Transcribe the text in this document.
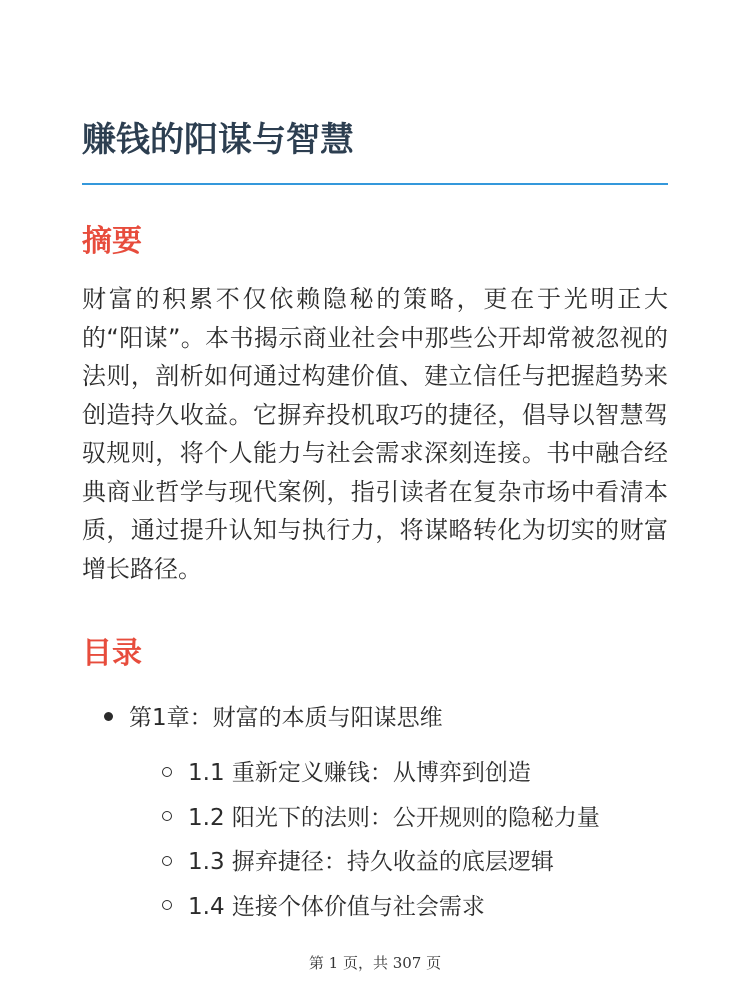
赚钱的阳谋与智慧
摘要

财富的积累不仅依赖隐秘的策略，更在于光明正大的“阳谋”。本书揭示商业社会中那些公开却常被忽视的法则，剖析如何通过构建价值、建立信任与把握趋势来创造持久收益。它摒弃投机取巧的捷径，倡导以智慧驾驭规则，将个人能力与社会需求深刻连接。书中融合经典商业哲学与现代案例，指引读者在复杂市场中看清本质，通过提升认知与执行力，将谋略转化为切实的财富增长路径。

目录
第1章：财富的本质与阳谋思维
1.1 重新定义赚钱：从博弈到创造
1.2 阳光下的法则：公开规则的隐秘力量
1.3 摒弃捷径：持久收益的底层逻辑
1.4 连接个体价值与社会需求
第 1 页，共 307 页
